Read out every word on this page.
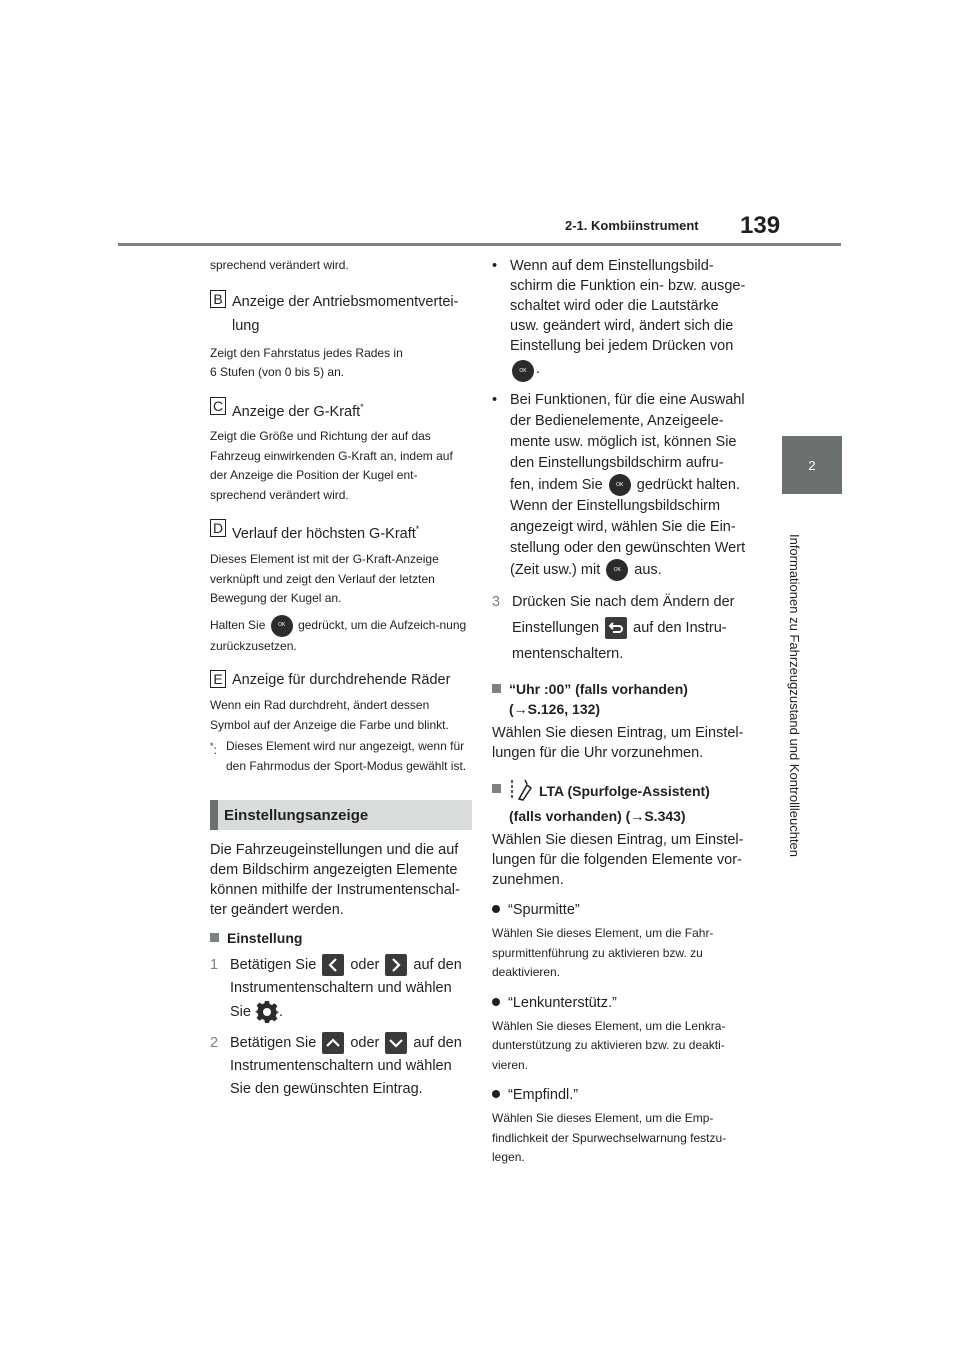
2-1. Kombiinstrument 139
2
Informationen zu Fahrzeugzustand und Kontrollleuchten

sprechend verändert wird.

B Anzeige der Antriebsmomentvertei-lung

Zeigt den Fahrstatus jedes Rades in

6 Stufen (von 0 bis 5) an.

C Anzeige der G-Kraft*

Zeigt die Größe und Richtung der auf das Fahrzeug einwirkenden G-Kraft an, indem auf der Anzeige die Position der Kugel ent-sprechend verändert wird.

D Verlauf der höchsten G-Kraft*

Dieses Element ist mit der G-Kraft-Anzeige verknüpft und zeigt den Verlauf der letzten Bewegung der Kugel an.

Halten Sie	OK gedrückt, um die Aufzeich-nung zurückzusetzen.

E Anzeige für durchdrehende Räder

Wenn ein Rad durchdreht, ändert dessen Symbol auf der Anzeige die Farbe und blinkt.

*: Dieses Element wird nur angezeigt, wenn für den Fahrmodus der Sport-Modus gewählt ist.
Einstellungsanzeige

Die Fahrzeugeinstellungen und die auf dem Bildschirm angezeigten Elemente können mithilfe der Instrumentenschal-ter geändert werden.

Einstellung
1 Betätigen Sie oder auf den Instrumentenschaltern und wählen
Sie .
2 Betätigen Sie oder auf den Instrumentenschaltern und wählen Sie den gewünschten Eintrag.
• Wenn auf dem Einstellungsbild-schirm die Funktion ein- bzw. ausge-schaltet wird oder die Lautstärke usw. geändert wird, ändert sich die Einstellung bei jedem Drücken von
OK .
• Bei Funktionen, für die eine Auswahl der Bedienelemente, Anzeigeele-mente usw. möglich ist, können Sie den Einstellungsbildschirm aufru-
fen, indem Sie	OK gedrückt halten. Wenn der Einstellungsbildschirm angezeigt wird, wählen Sie die Ein-stellung oder den gewünschten Wert
(Zeit usw.) mit	OK aus.
3 Drücken Sie nach dem Ändern der
Einstellungen auf den Instru-
mentenschaltern.
“Uhr :00” (falls vorhanden)
(→S.126, 132)

Wählen Sie diesen Eintrag, um Einstel-lungen für die Uhr vorzunehmen.

LTA (Spurfolge-Assistent)
(falls vorhanden) (→S.343)

Wählen Sie diesen Eintrag, um Einstel-lungen für die folgenden Elemente vor-zunehmen.

“Spurmitte”

Wählen Sie dieses Element, um die Fahr-spurmittenführung zu aktivieren bzw. zu deaktivieren.

“Lenkunterstütz.”

Wählen Sie dieses Element, um die Lenkra-dunterstützung zu aktivieren bzw. zu deakti-vieren.

“Empfindl.”

Wählen Sie dieses Element, um die Emp-findlichkeit der Spurwechselwarnung festzu-legen.
